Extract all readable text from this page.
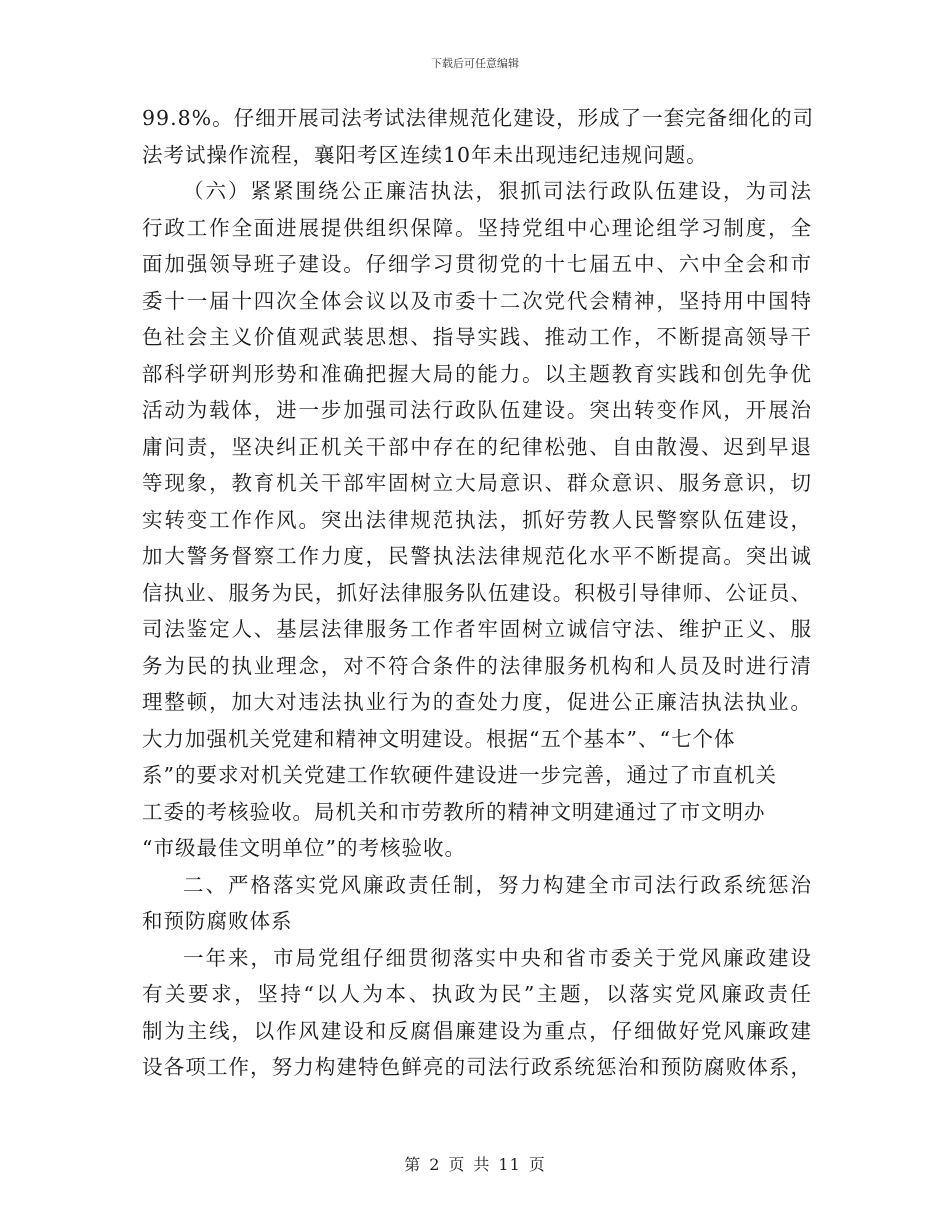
下载后可任意编辑
99.8%。仔细开展司法考试法律规范化建设，形成了一套完备细化的司
法考试操作流程，襄阳考区连续10年未出现违纪违规问题。
（六）紧紧围绕公正廉洁执法，狠抓司法行政队伍建设，为司法
行政工作全面进展提供组织保障。坚持党组中心理论组学习制度，全
面加强领导班子建设。仔细学习贯彻党的十七届五中、六中全会和市
委十一届十四次全体会议以及市委十二次党代会精神，坚持用中国特
色社会主义价值观武装思想、指导实践、推动工作，不断提高领导干
部科学研判形势和准确把握大局的能力。以主题教育实践和创先争优
活动为载体，进一步加强司法行政队伍建设。突出转变作风，开展治
庸问责，坚决纠正机关干部中存在的纪律松弛、自由散漫、迟到早退
等现象，教育机关干部牢固树立大局意识、群众意识、服务意识，切
实转变工作作风。突出法律规范执法，抓好劳教人民警察队伍建设，
加大警务督察工作力度，民警执法法律规范化水平不断提高。突出诚
信执业、服务为民，抓好法律服务队伍建设。积极引导律师、公证员、
司法鉴定人、基层法律服务工作者牢固树立诚信守法、维护正义、服
务为民的执业理念，对不符合条件的法律服务机构和人员及时进行清
理整顿，加大对违法执业行为的查处力度，促进公正廉洁执法执业。
大力加强机关党建和精神文明建设。根据“五个基本”、“七个体
系”的要求对机关党建工作软硬件建设进一步完善，通过了市直机关
工委的考核验收。局机关和市劳教所的精神文明建通过了市文明办
“市级最佳文明单位”的考核验收。
二、严格落实党风廉政责任制，努力构建全市司法行政系统惩治
和预防腐败体系
一年来，市局党组仔细贯彻落实中央和省市委关于党风廉政建设
有关要求，坚持“以人为本、执政为民”主题，以落实党风廉政责任
制为主线，以作风建设和反腐倡廉建设为重点，仔细做好党风廉政建
设各项工作，努力构建特色鲜亮的司法行政系统惩治和预防腐败体系，
第 2 页 共 11 页
